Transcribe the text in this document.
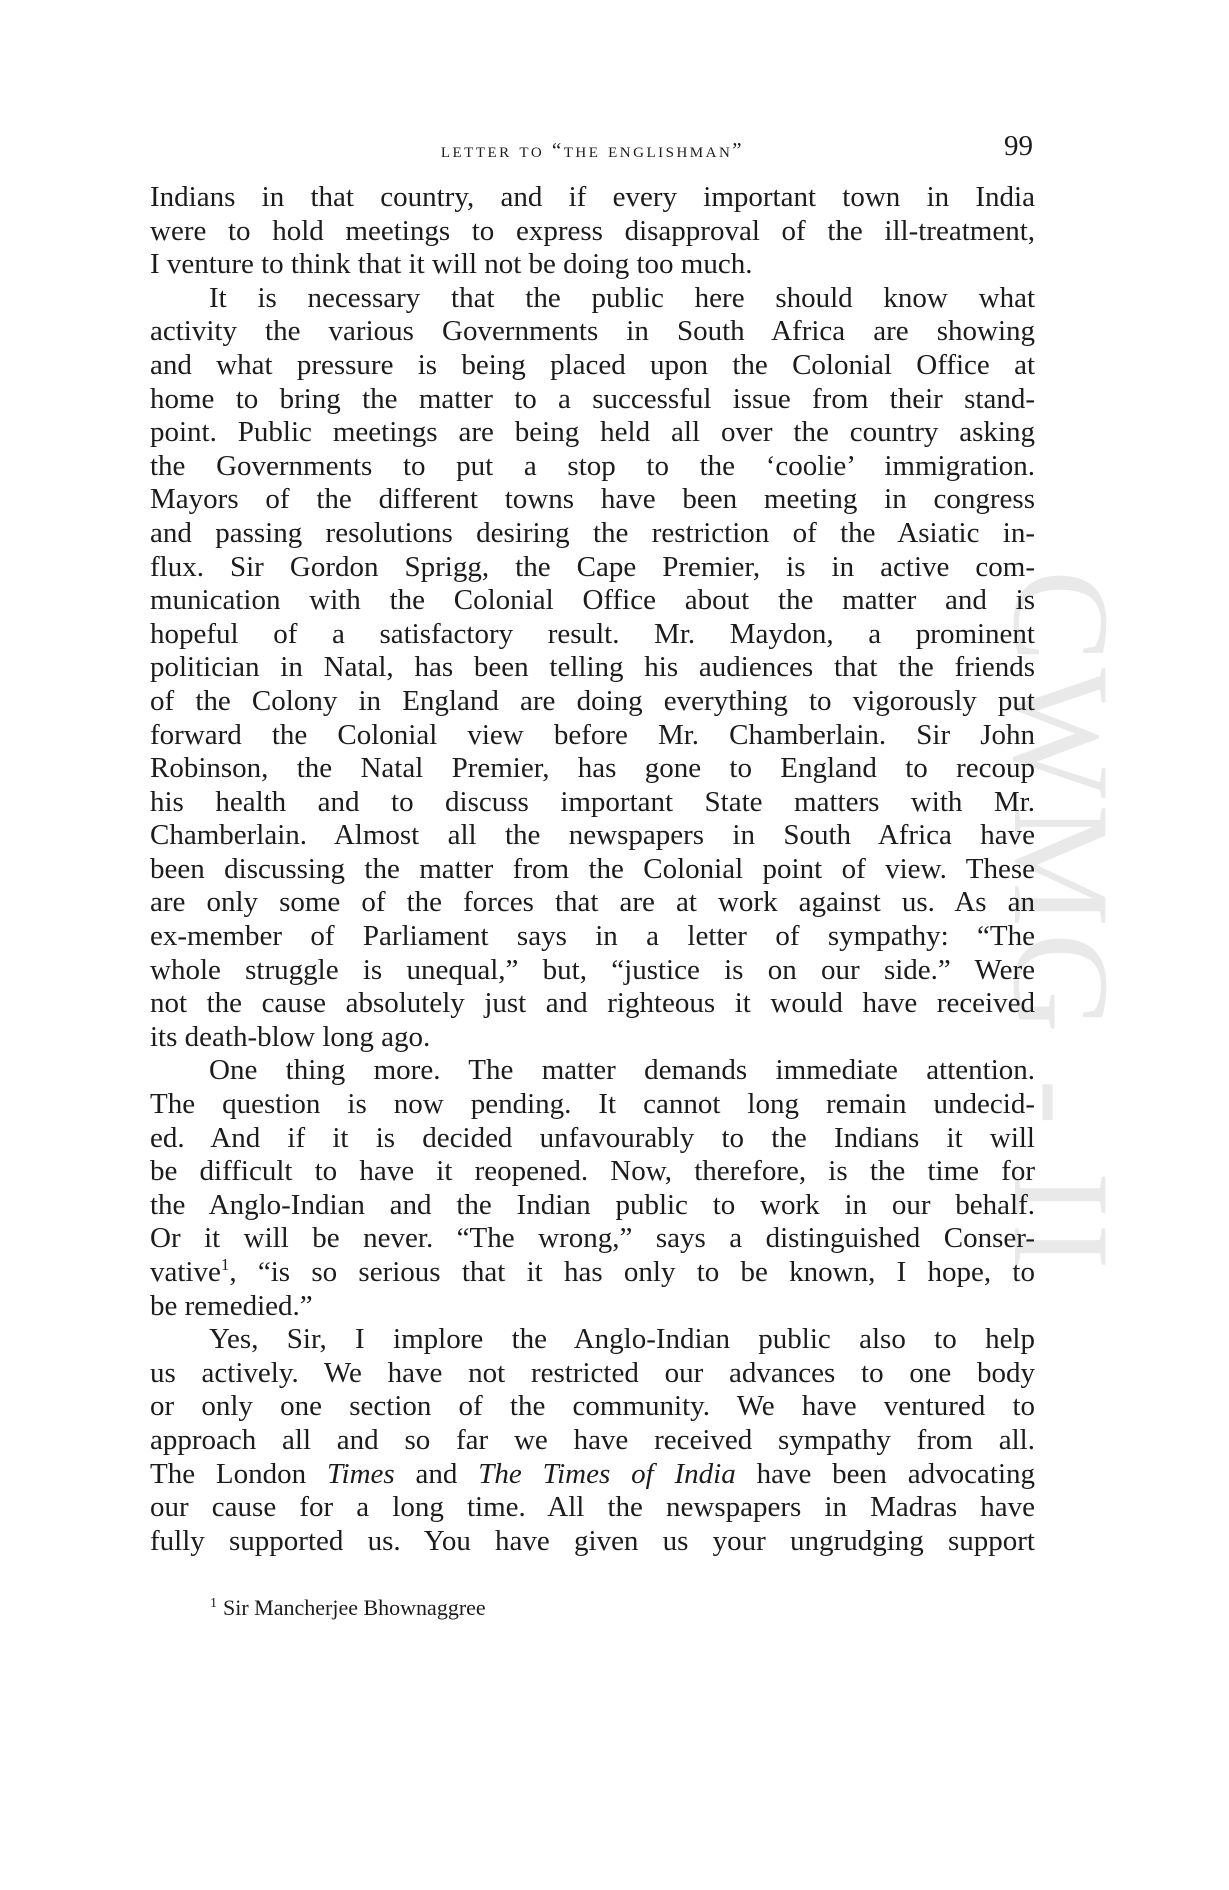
CWMG - II
letter to “the englishman”	99

Indians in that country, and if every important town in India
were to hold meetings to express disapproval of the ill-treatment,
I venture to think that it will not be doing too much.

It is necessary that the public here should know what
activity the various Governments in South Africa are showing
and what pressure is being placed upon the Colonial Office at
home to bring the matter to a successful issue from their stand-
point. Public meetings are being held all over the country asking
the Governments to put a stop to the ‘coolie’ immigration.
Mayors of the different towns have been meeting in congress
and passing resolutions desiring the restriction of the Asiatic in-
flux. Sir Gordon Sprigg, the Cape Premier, is in active com-
munication with the Colonial Office about the matter and is
hopeful of a satisfactory result. Mr. Maydon, a prominent
politician in Natal, has been telling his audiences that the friends
of the Colony in England are doing everything to vigorously put
forward the Colonial view before Mr. Chamberlain. Sir John
Robinson, the Natal Premier, has gone to England to recoup
his health and to discuss important State matters with Mr.
Chamberlain. Almost all the newspapers in South Africa have
been discussing the matter from the Colonial point of view. These
are only some of the forces that are at work against us. As an
ex-member of Parliament says in a letter of sympathy: “The
whole struggle is unequal,” but, “justice is on our side.” Were
not the cause absolutely just and righteous it would have received
its death-blow long ago.

One thing more. The matter demands immediate attention.
The question is now pending. It cannot long remain undecid-
ed. And if it is decided unfavourably to the Indians it will
be difficult to have it reopened. Now, therefore, is the time for
the Anglo-Indian and the Indian public to work in our behalf.
Or it will be never. “The wrong,” says a distinguished Conser-
vative$^1$, “is so serious that it has only to be known, I hope, to
be remedied.”

Yes, Sir, I implore the Anglo-Indian public also to help
us actively. We have not restricted our advances to one body
or only one section of the community. We have ventured to
approach all and so far we have received sympathy from all.
The London Times and The Times of India have been advocating
our cause for a long time. All the newspapers in Madras have
fully supported us. You have given us your ungrudging support

$^1$ Sir Mancherjee Bhownaggree
